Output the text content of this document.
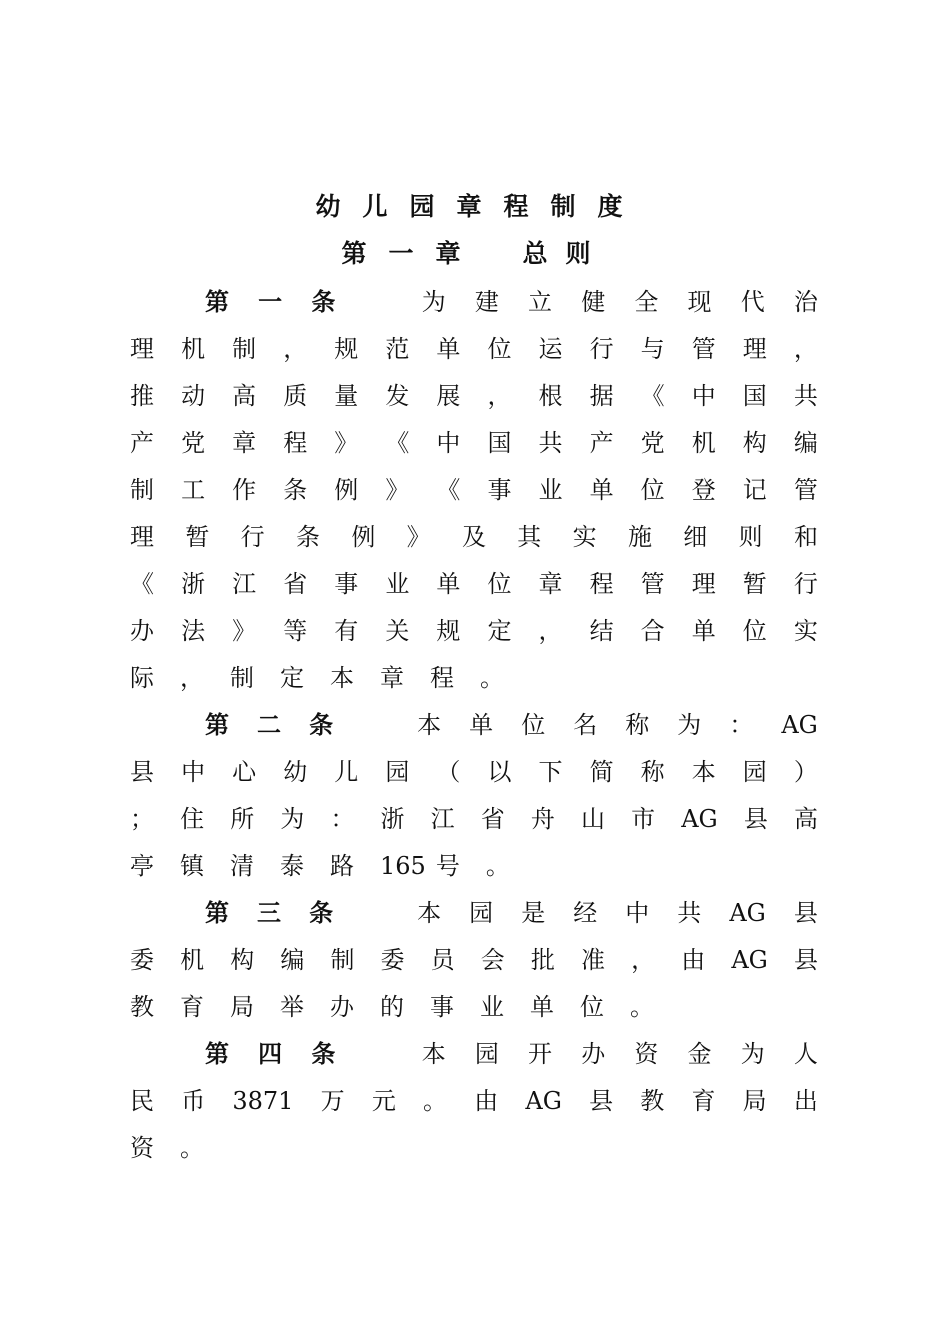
幼儿园章程制度
第一章 总则
第 一 条	为 建 立 健 全 现 代 治
理 机 制 ， 规 范 单 位 运 行 与 管 理 ，
推 动 高 质 量 发 展 ， 根 据 《 中 国 共
产 党 章 程 》 《 中 国 共 产 党 机 构 编
制 工 作 条 例 》 《 事 业 单 位 登 记 管
理 暂 行 条 例 》 及 其 实 施 细 则 和
《 浙 江 省 事 业 单 位 章 程 管 理 暂 行
办 法 》 等 有 关 规 定 ， 结 合 单 位 实
际	，	制	定	本	章	程	。
第 二 条	本 单 位 名 称 为 ： AG
县 中 心 幼 儿 园 （ 以 下 简 称 本 园 ）
； 住 所 为 ： 浙 江 省 舟 山 市 AG 县 高
亭	镇	清	泰	路	165 号	。
第 三 条	本 园 是 经 中 共 AG 县
委 机 构 编 制 委 员 会 批 准 ， 由 AG 县
教	育	局	举	办	的	事	业	单	位	。
第 四 条	本 园 开 办 资 金 为 人
民 币 3871 万 元 。 由 AG 县 教 育 局 出
资	。
